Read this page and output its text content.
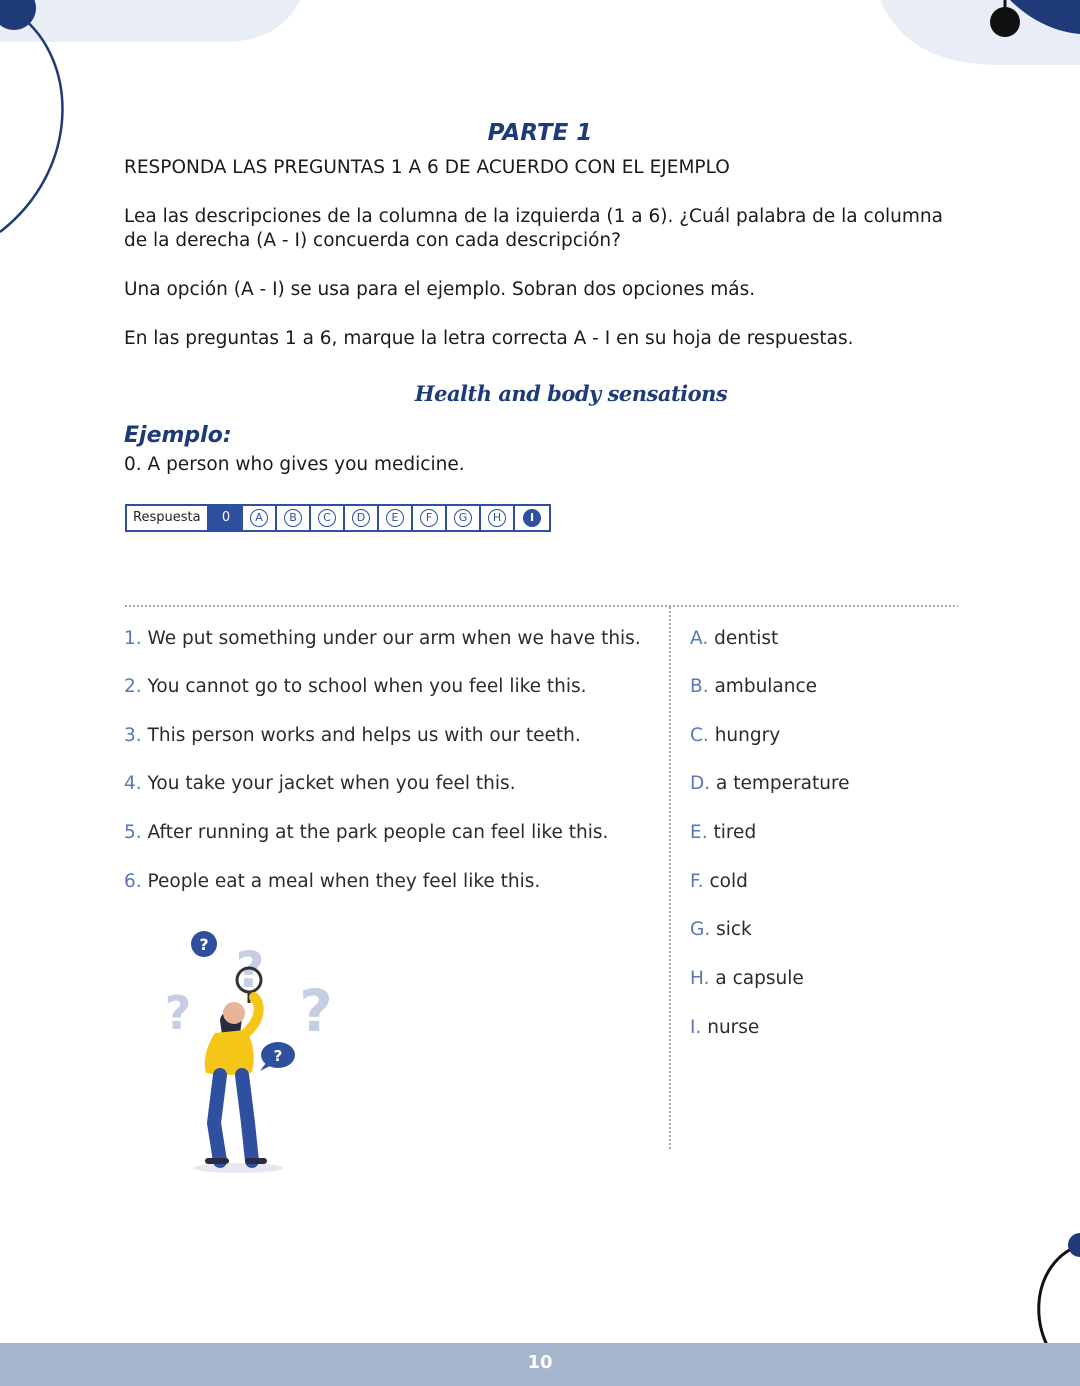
PARTE 1
RESPONDA LAS PREGUNTAS 1 A 6 DE ACUERDO CON EL EJEMPLO
Lea las descripciones de la columna de la izquierda (1 a 6). ¿Cuál palabra de la columna
de la derecha (A - I) concuerda con cada descripción?
Una opción (A - I) se usa para el ejemplo. Sobran dos opciones más.
En las preguntas 1 a 6, marque la letra correcta A - I en su hoja de respuestas.
Health and body sensations
Ejemplo:
0. A person who gives you medicine.
Respuesta	0	A	B	C	D	E	F	G	H	I
1. We put something under our arm when we have this.
2. You cannot go to school when you feel like this.
3. This person works and helps us with our teeth.
4. You take your jacket when you feel this.
5. After running at the park people can feel like this.
6. People eat a meal when they feel like this.
A. dentist
B. ambulance
C. hungry
D. a temperature
E. tired
F. cold
G. sick
H. a capsule
I. nurse
? ?
? ?
?
10
